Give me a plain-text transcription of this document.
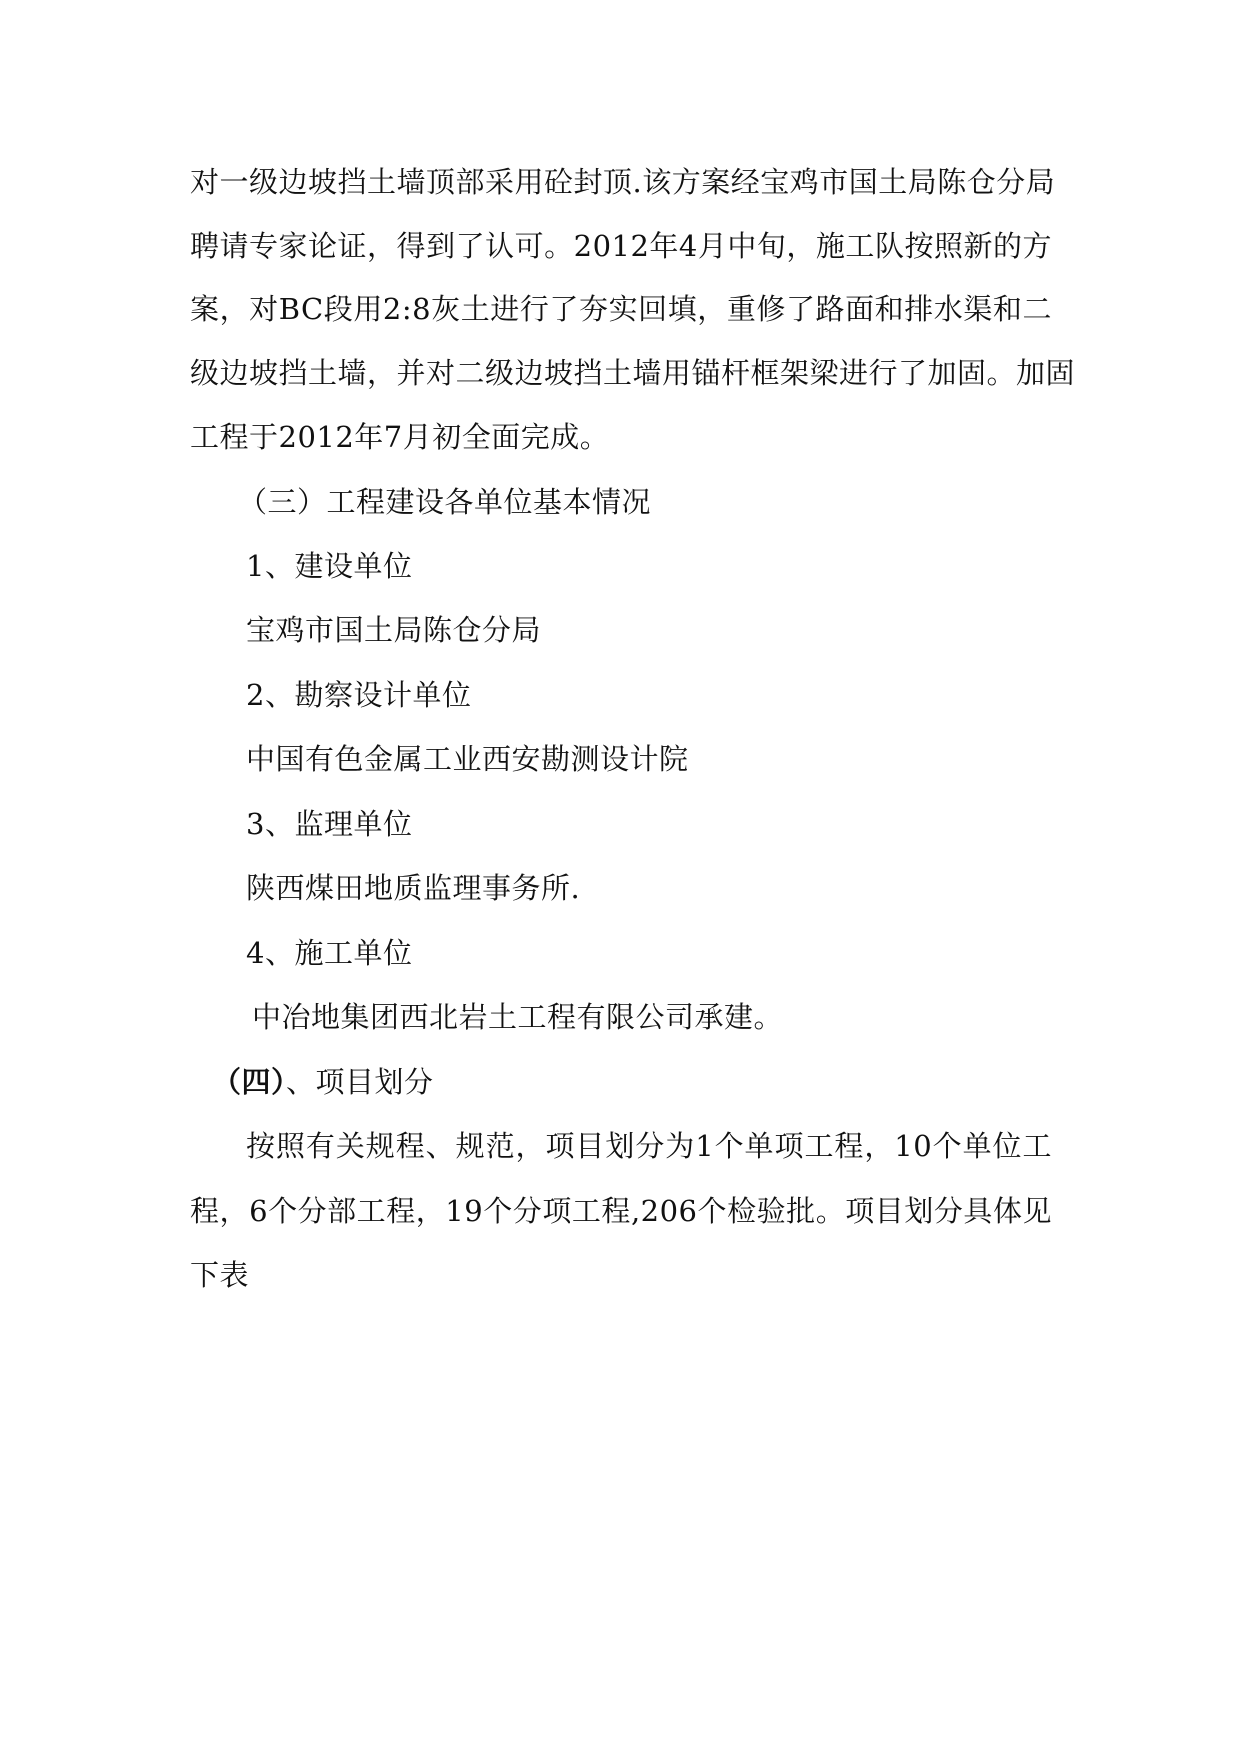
对一级边坡挡土墙顶部采用砼封顶.该方案经宝鸡市国土局陈仓分局
聘请专家论证，得到了认可。2012年4月中旬，施工队按照新的方
案，对BC段用2:8灰土进行了夯实回填，重修了路面和排水渠和二
级边坡挡土墙，并对二级边坡挡土墙用锚杆框架梁进行了加固。加固
工程于2012年7月初全面完成。
（三）工程建设各单位基本情况
1、建设单位
宝鸡市国土局陈仓分局
2、勘察设计单位
中国有色金属工业西安勘测设计院
3、监理单位
陕西煤田地质监理事务所.
4、施工单位
中冶地集团西北岩土工程有限公司承建。
（四）、项目划分
按照有关规程、规范，项目划分为1个单项工程，10个单位工
程，6个分部工程，19个分项工程,206个检验批。项目划分具体见
下表
